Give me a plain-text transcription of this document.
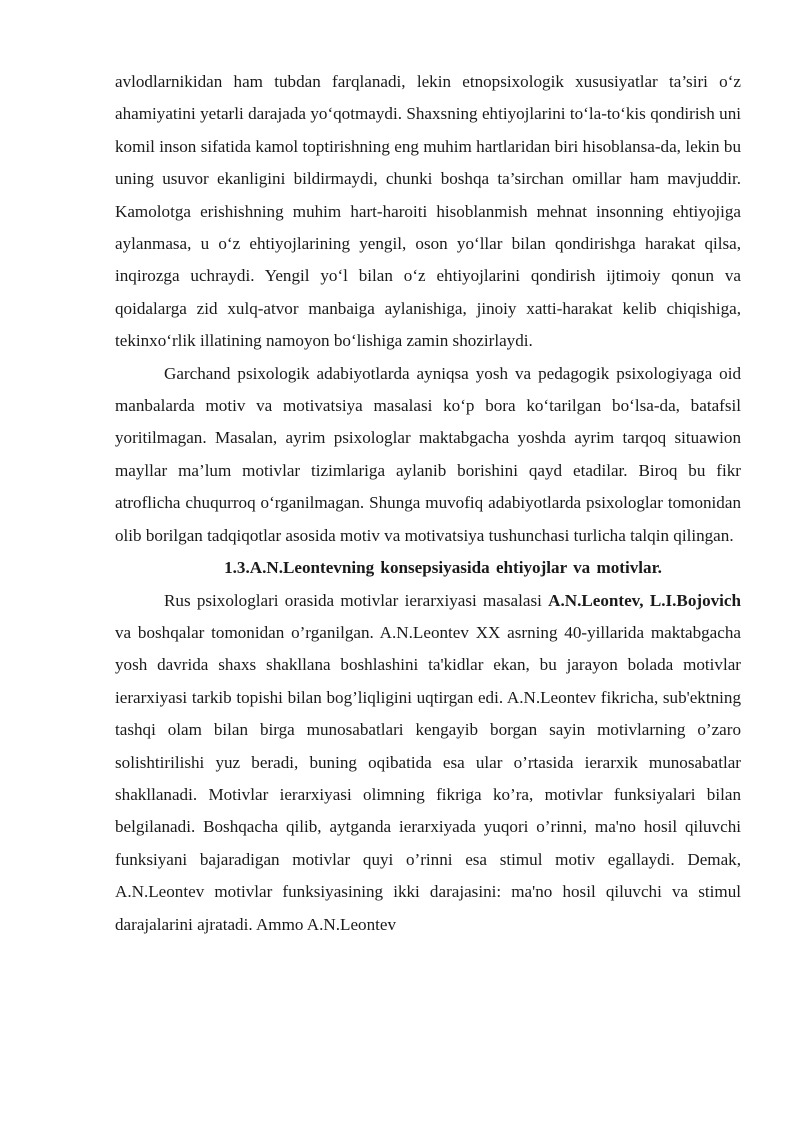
avlodlarnikidan ham tubdan farqlanadi, lekin etnopsixologik xususiyatlar ta’siri o‘z ahamiyatini yetarli darajada yo‘qotmaydi. Shaxsning ehtiyojlarini to‘la-to‘kis qondirish uni komil inson sifatida kamol toptirishning eng muhim hartlaridan biri hisoblansa-da, lekin bu uning usuvor ekanligini bildirmaydi, chunki boshqa ta’sirchan omillar ham mavjuddir. Kamolotga erishishning muhim hart-haroiti hisoblanmish mehnat insonning ehtiyojiga aylanmasa, u o‘z ehtiyojlarining yengil, oson yo‘llar bilan qondirishga harakat qilsa, inqirozga uchraydi. Yengil yo‘l bilan o‘z ehtiyojlarini qondirish ijtimoiy qonun va qoidalarga zid xulq-atvor manbaiga aylanishiga, jinoiy xatti-harakat kelib chiqishiga, tekinxo‘rlik illatining namoyon bo‘lishiga zamin shozirlaydi.

Garchand psixologik adabiyotlarda ayniqsa yosh va pedagogik psixologiyaga oid manbalarda motiv va motivatsiya masalasi ko‘p bora ko‘tarilgan bo‘lsa-da, batafsil yoritilmagan. Masalan, ayrim psixologlar maktabgacha yoshda ayrim tarqoq situawion mayllar ma’lum motivlar tizimlariga aylanib borishini qayd etadilar. Biroq bu fikr atroflicha chuqurroq o‘rganilmagan. Shunga muvofiq adabiyotlarda psixologlar tomonidan olib borilgan tadqiqotlar asosida motiv va motivatsiya tushunchasi turlicha talqin qilingan.

1.3.A.N.Leontevning konsepsiyasida ehtiyojlar va motivlar.

Rus psixologlari orasida motivlar ierarxiyasi masalasi A.N.Leontev, L.I.Bojovich va boshqalar tomonidan o’rganilgan. A.N.Leontev XX asrning 40-yillarida maktabgacha yosh davrida shaxs shakllana boshlashini ta'kidlar ekan, bu jarayon bolada motivlar ierarxiyasi tarkib topishi bilan bog’liqligini uqtirgan edi. A.N.Leontev fikricha, sub'ektning tashqi olam bilan birga munosabatlari kengayib borgan sayin motivlarning o’zaro solishtirilishi yuz beradi, buning oqibatida esa ular o’rtasida ierarxik munosabatlar shakllanadi. Motivlar ierarxiyasi olimning fikriga ko’ra, motivlar funksiyalari bilan belgilanadi. Boshqacha qilib, aytganda ierarxiyada yuqori o’rinni, ma'no hosil qiluvchi funksiyani bajaradigan motivlar quyi o’rinni esa stimul motiv egallaydi. Demak, A.N.Leontev motivlar funksiyasining ikki darajasini: ma'no hosil qiluvchi va stimul darajalarini ajratadi. Ammo A.N.Leontev
